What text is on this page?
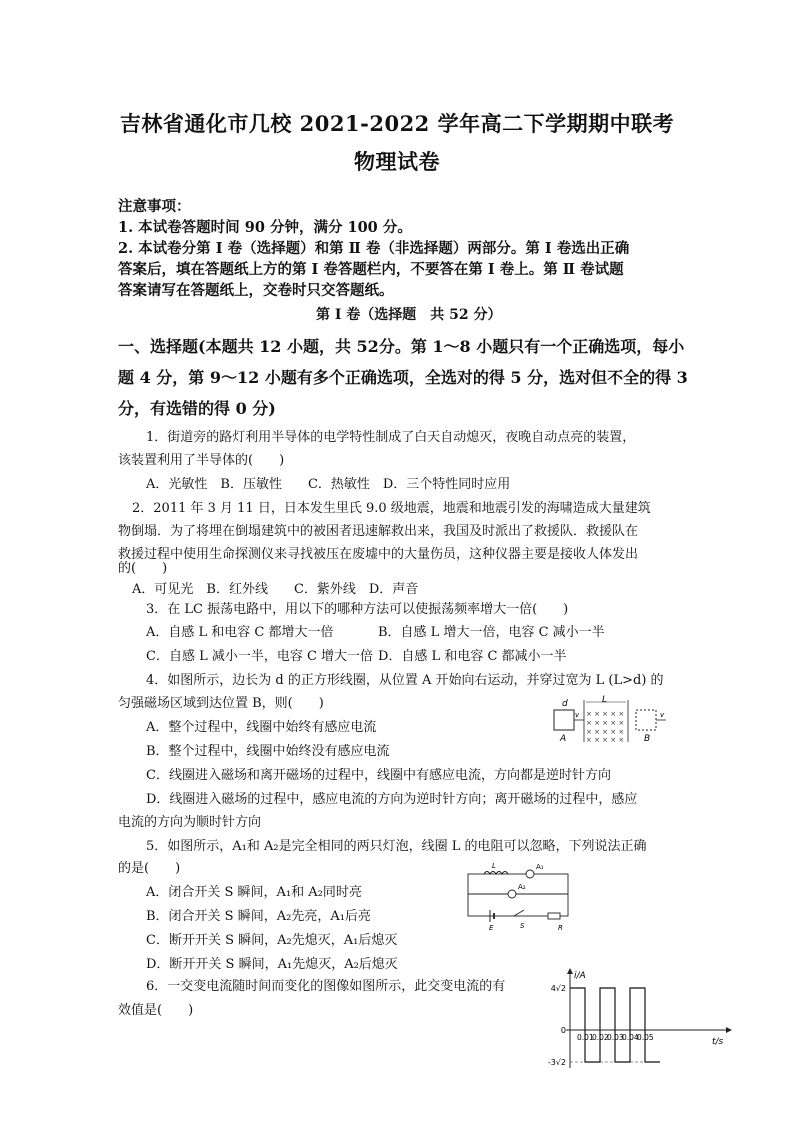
吉林省通化市几校 2021-2022 学年高二下学期期中联考
物理试卷
注意事项：
1. 本试卷答题时间 90 分钟，满分 100 分。
2. 本试卷分第 Ⅰ 卷（选择题）和第 Ⅱ 卷（非选择题）两部分。第 Ⅰ 卷选出正确
答案后，填在答题纸上方的第 Ⅰ 卷答题栏内，不要答在第 Ⅰ 卷上。第 Ⅱ 卷试题
答案请写在答题纸上，交卷时只交答题纸。
第 Ⅰ 卷（选择题　共 52 分）
一、选择题(本题共 12 小题，共 52分。第 1～8 小题只有一个正确选项，每小
题 4 分，第 9～12 小题有多个正确选项，全选对的得 5 分，选对但不全的得 3
分，有选错的得 0 分)
1．街道旁的路灯利用半导体的电学特性制成了白天自动熄灭，夜晚自动点亮的装置，
该装置利用了半导体的(　　)
A．光敏性　B．压敏性　　C．热敏性　D．三个特性同时应用
2．2011 年 3 月 11 日，日本发生里氏 9.0 级地震，地震和地震引发的海啸造成大量建筑
物倒塌．为了将埋在倒塌建筑中的被困者迅速解救出来，我国及时派出了救援队．救援队在
救援过程中使用生命探测仪来寻找被压在废墟中的大量伤员，这种仪器主要是接收人体发出
的(　　)
A．可见光　B．红外线　　C．紫外线　D．声音
3．在 LC 振荡电路中，用以下的哪种方法可以使振荡频率增大一倍(　　)
A．自感 L 和电容 C 都增大一倍	B．自感 L 增大一倍，电容 C 减小一半
C．自感 L 减小一半，电容 C 增大一倍 D．自感 L 和电容 C 都减小一半
4．如图所示，边长为 d 的正方形线圈，从位置 A 开始向右运动，并穿过宽为 L (L>d) 的
匀强磁场区域到达位置 B，则(　　)
A．整个过程中，线圈中始终有感应电流
B．整个过程中，线圈中始终没有感应电流
C．线圈进入磁场和离开磁场的过程中，线圈中有感应电流，方向都是逆时针方向
D．线圈进入磁场的过程中，感应电流的方向为逆时针方向；离开磁场的过程中，感应
电流的方向为顺时针方向
d
v
A
L
× × × × ×
× × × × ×
× × × × ×
× × × × ×
v
B
5．如图所示，A₁和 A₂是完全相同的两只灯泡，线圈 L 的电阻可以忽略，下列说法正确
的是(　　)
A．闭合开关 S 瞬间，A₁和 A₂同时亮
B．闭合开关 S 瞬间，A₂先亮，A₁后亮
C．断开开关 S 瞬间，A₂先熄灭，A₁后熄灭
D．断开开关 S 瞬间，A₁先熄灭，A₂后熄灭
L	A₁
A₂
E	S	R
6．一交变电流随时间而变化的图像如图所示，此交变电流的有
效值是(　　)
i/A
t/s
4√2
0
-3√2
0.01
0.02
0.03
0.04
0.05
